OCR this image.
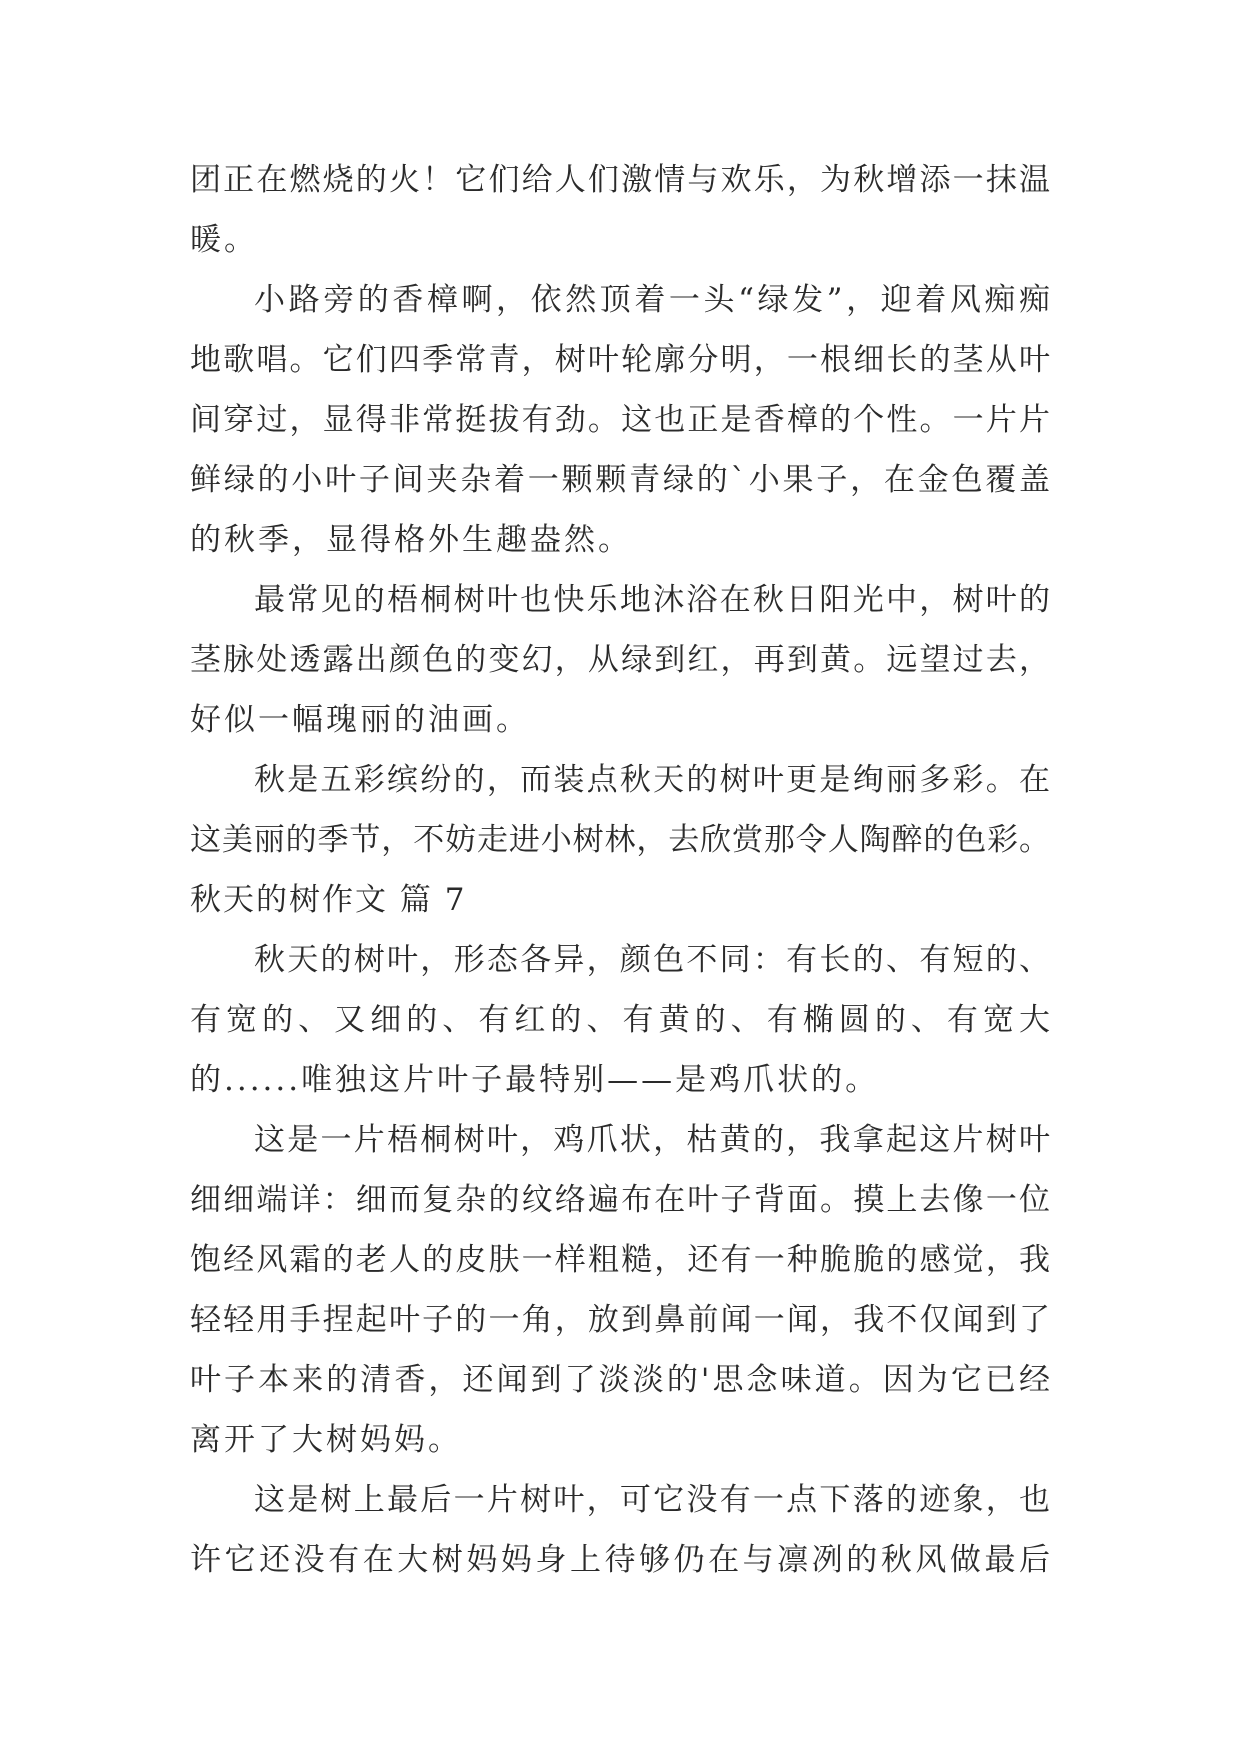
团正在燃烧的火！它们给人们激情与欢乐，为秋增添一抹温
暖。
小路旁的香樟啊，依然顶着一头“绿发”，迎着风痴痴
地歌唱。它们四季常青，树叶轮廓分明，一根细长的茎从叶
间穿过，显得非常挺拔有劲。这也正是香樟的个性。一片片
鲜绿的小叶子间夹杂着一颗颗青绿的`小果子，在金色覆盖
的秋季，显得格外生趣盎然。
最常见的梧桐树叶也快乐地沐浴在秋日阳光中，树叶的
茎脉处透露出颜色的变幻，从绿到红，再到黄。远望过去，
好似一幅瑰丽的油画。
秋是五彩缤纷的，而装点秋天的树叶更是绚丽多彩。在
这美丽的季节，不妨走进小树林，去欣赏那令人陶醉的色彩。
秋天的树作文 篇 7
秋天的树叶，形态各异，颜色不同：有长的、有短的、
有宽的、又细的、有红的、有黄的、有椭圆的、有宽大
的......唯独这片叶子最特别——是鸡爪状的。
这是一片梧桐树叶，鸡爪状，枯黄的，我拿起这片树叶
细细端详：细而复杂的纹络遍布在叶子背面。摸上去像一位
饱经风霜的老人的皮肤一样粗糙，还有一种脆脆的感觉，我
轻轻用手捏起叶子的一角，放到鼻前闻一闻，我不仅闻到了
叶子本来的清香，还闻到了淡淡的'思念味道。因为它已经
离开了大树妈妈。
这是树上最后一片树叶，可它没有一点下落的迹象，也
许它还没有在大树妈妈身上待够仍在与凛冽的秋风做最后
